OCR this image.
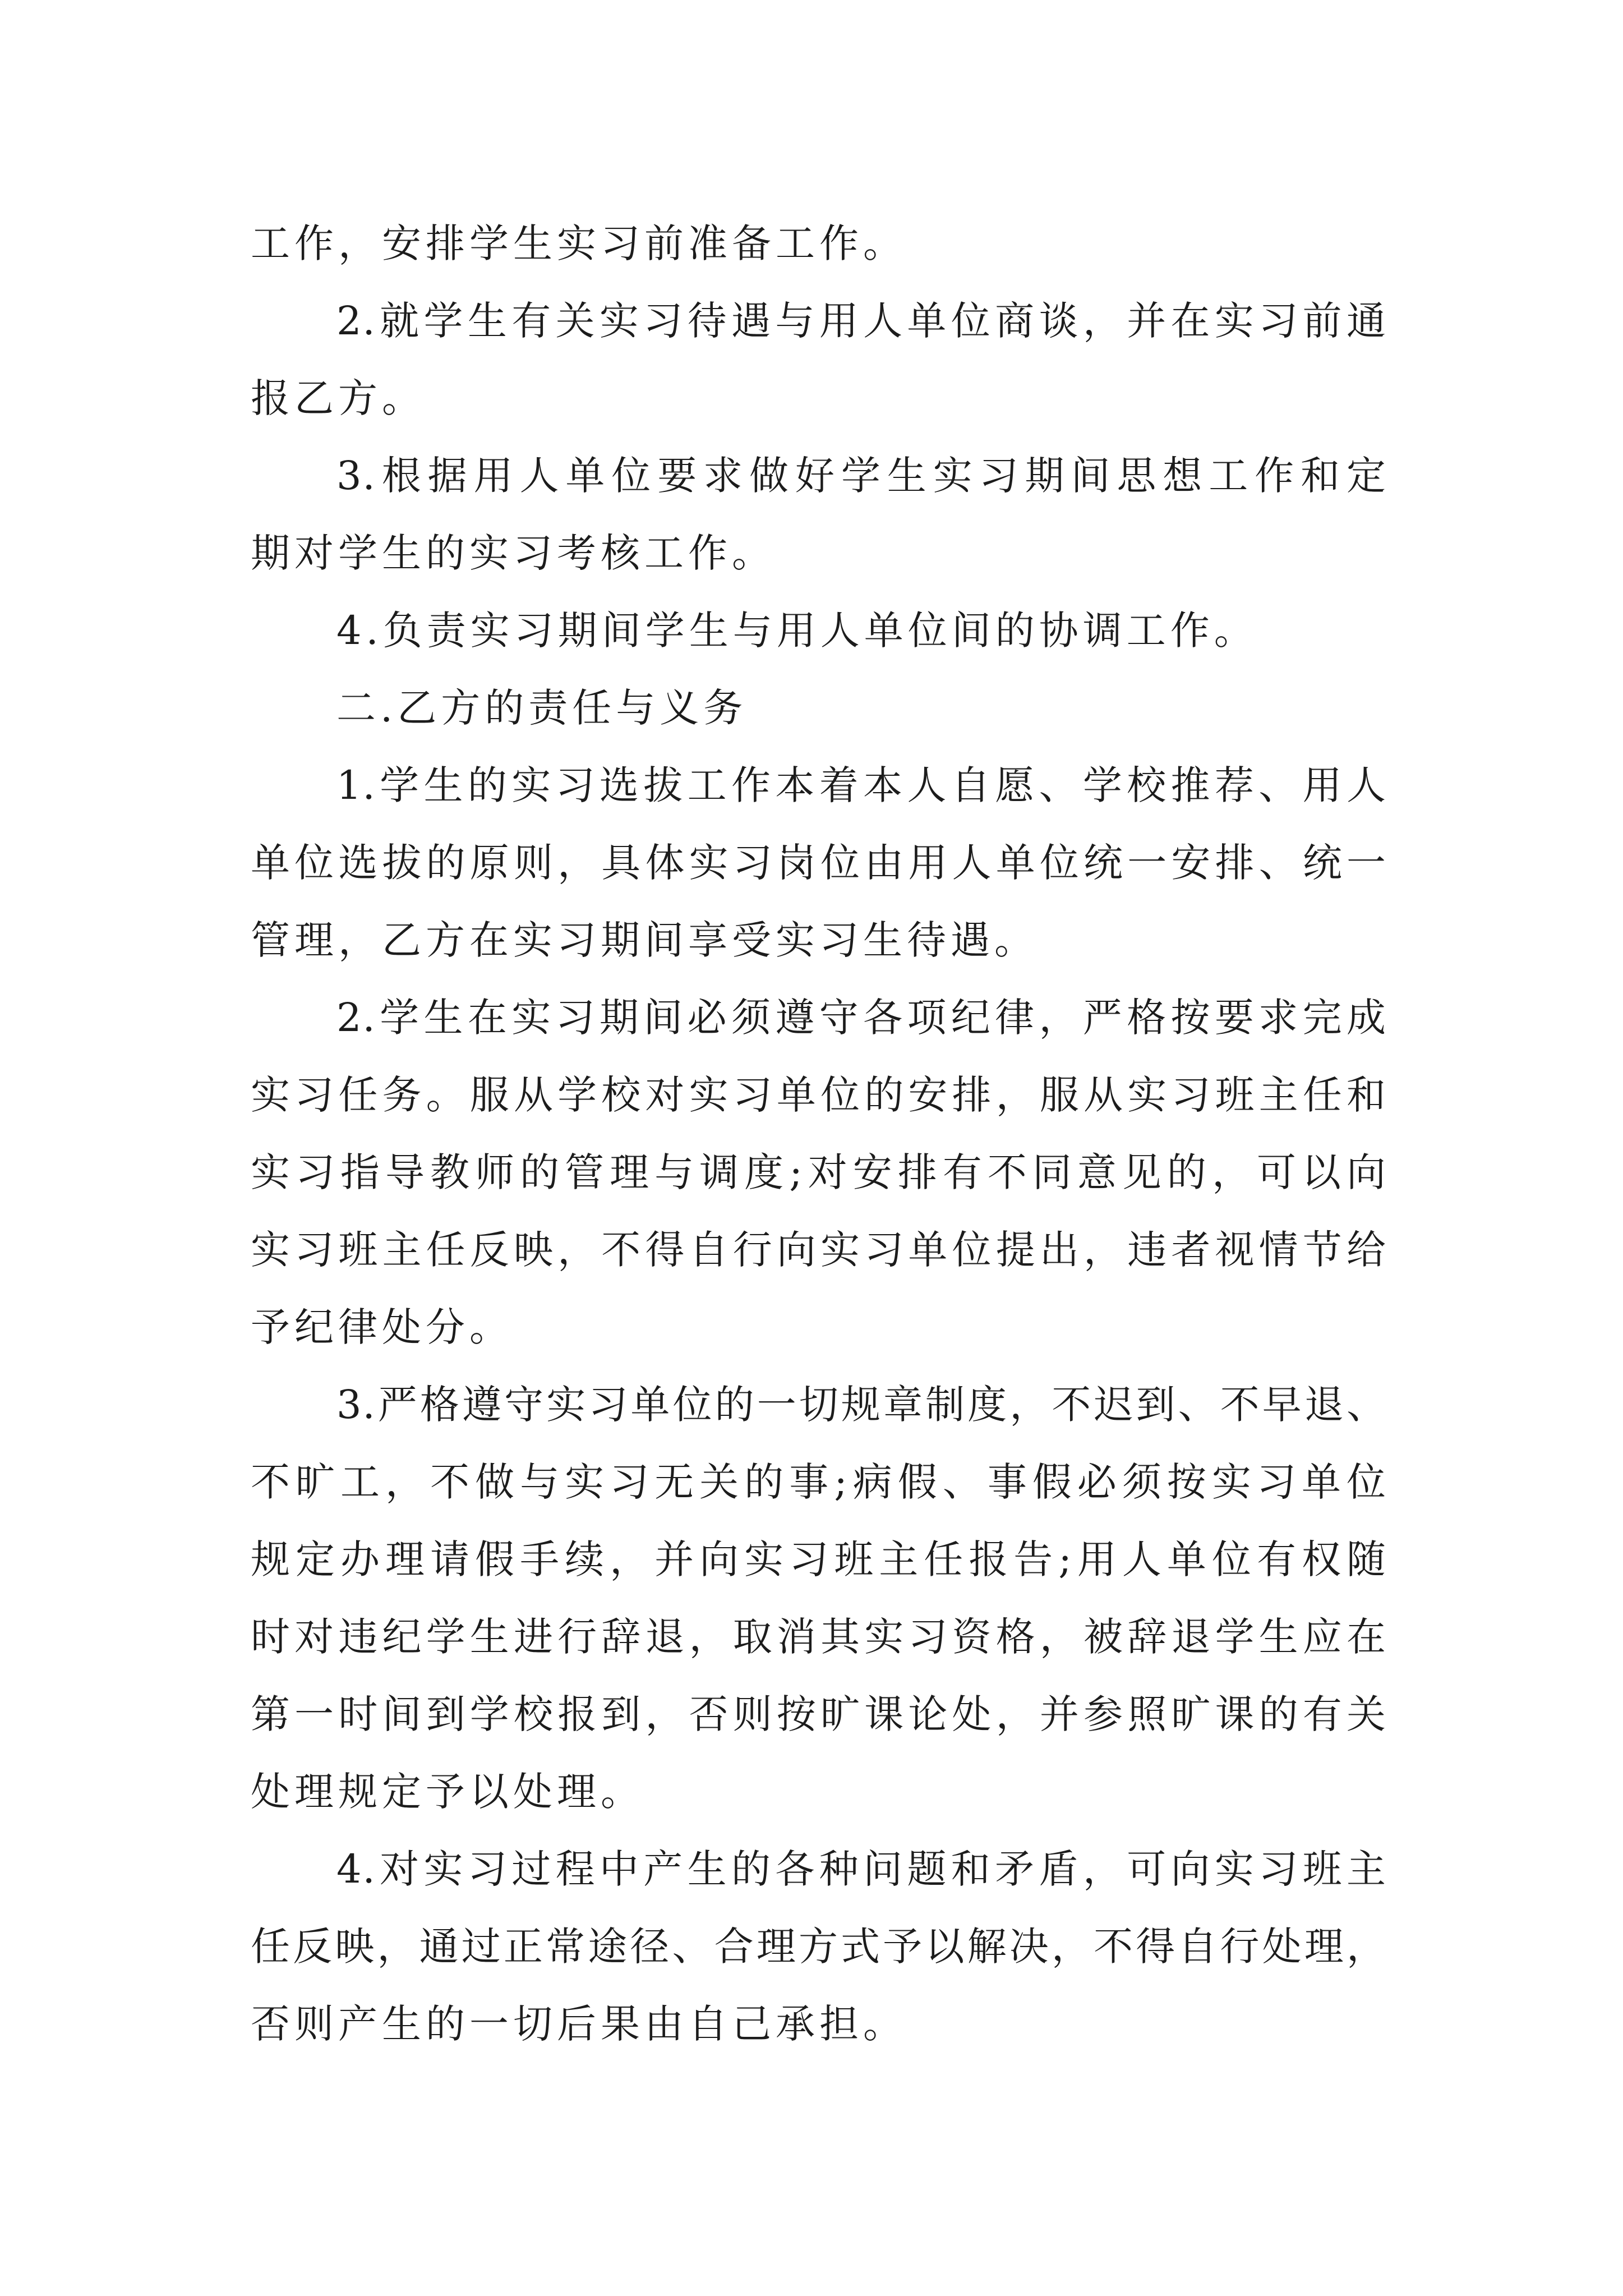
工作，安排学生实习前准备工作。
2.就学生有关实习待遇与用人单位商谈，并在实习前通
报乙方。
3.根据用人单位要求做好学生实习期间思想工作和定
期对学生的实习考核工作。
4.负责实习期间学生与用人单位间的协调工作。
二.乙方的责任与义务
1.学生的实习选拔工作本着本人自愿、学校推荐、用人
单位选拔的原则，具体实习岗位由用人单位统一安排、统一
管理，乙方在实习期间享受实习生待遇。
2.学生在实习期间必须遵守各项纪律，严格按要求完成
实习任务。服从学校对实习单位的安排，服从实习班主任和
实习指导教师的管理与调度;对安排有不同意见的，可以向
实习班主任反映，不得自行向实习单位提出，违者视情节给
予纪律处分。
3.严格遵守实习单位的一切规章制度，不迟到、不早退、
不旷工，不做与实习无关的事;病假、事假必须按实习单位
规定办理请假手续，并向实习班主任报告;用人单位有权随
时对违纪学生进行辞退，取消其实习资格，被辞退学生应在
第一时间到学校报到，否则按旷课论处，并参照旷课的有关
处理规定予以处理。
4.对实习过程中产生的各种问题和矛盾，可向实习班主
任反映，通过正常途径、合理方式予以解决，不得自行处理，
否则产生的一切后果由自己承担。
